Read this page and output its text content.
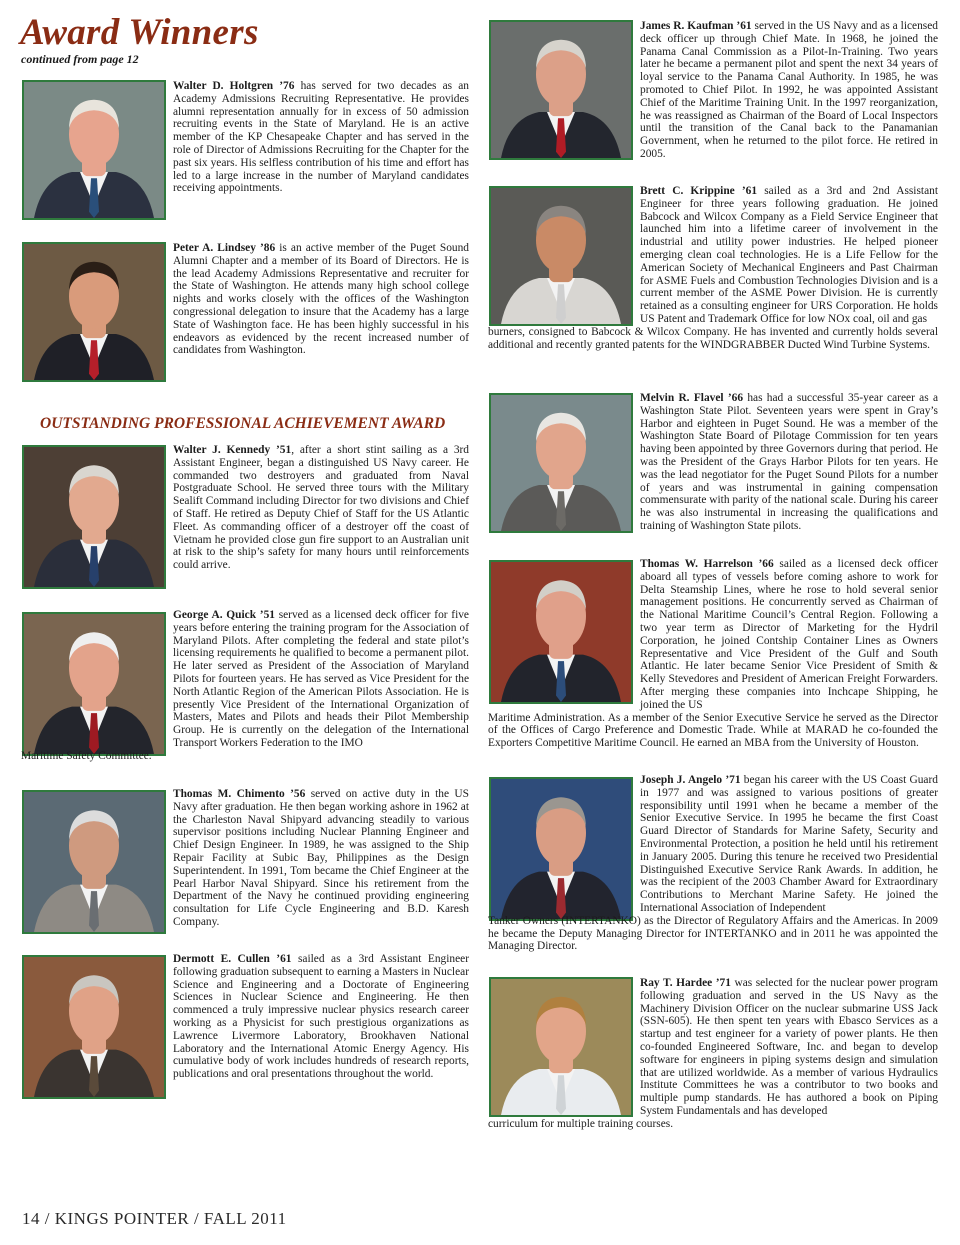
Award Winners
continued from page 12
OUTSTANDING PROFESSIONAL ACHIEVEMENT AWARD
Walter D. Holtgren ’76 has served for two decades as an Academy Admissions Recruiting Representative. He provides alumni representation annually for in excess of 50 admission recruiting events in the State of Maryland. He is an active member of the KP Chesapeake Chapter and has served in the role of Director of Admissions Recruiting for the Chapter for the past six years. His selfless contribution of his time and effort has led to a large increase in the number of Maryland candidates receiving appointments.
Peter A. Lindsey ’86 is an active member of the Puget Sound Alumni Chapter and a member of its Board of Directors. He is the lead Academy Admissions Representative and recruiter for the State of Washington. He attends many high school college nights and works closely with the offices of the Washington congressional delegation to insure that the Academy has a large State of Washington face. He has been highly successful in his endeavors as evidenced by the recent increased number of candidates from Washington.
Walter J. Kennedy ’51, after a short stint sailing as a 3rd Assistant Engineer, began a distinguished US Navy career. He commanded two destroyers and graduated from Naval Postgraduate School. He served three tours with the Military Sealift Command including Director for two divisions and Chief of Staff. He retired as Deputy Chief of Staff for the US Atlantic Fleet. As commanding officer of a destroyer off the coast of Vietnam he provided close gun fire support to an Australian unit at risk to the ship’s safety for many hours until reinforcements could arrive.
George A. Quick ’51 served as a licensed deck officer for five years before entering the training program for the Association of Maryland Pilots. After completing the federal and state pilot’s licensing requirements he qualified to become a permanent pilot. He later served as President of the Association of Maryland Pilots for fourteen years. He has served as Vice President for the North Atlantic Region of the American Pilots Association. He is presently Vice President of the International Organization of Masters, Mates and Pilots and heads their Pilot Membership Group. He is currently on the delegation of the International Transport Workers Federation to the IMO
Maritime Safety Committee.
Thomas M. Chimento ’56 served on active duty in the US Navy after graduation. He then began working ashore in 1962 at the Charleston Naval Shipyard advancing steadily to various supervisor positions including Nuclear Planning Engineer and Chief Design Engineer. In 1989, he was assigned to the Ship Repair Facility at Subic Bay, Philippines as the Design Superintendent. In 1991, Tom became the Chief Engineer at the Pearl Harbor Naval Shipyard. Since his retirement from the Department of the Navy he continued providing engineering consultation for Life Cycle Engineering and B.D. Karesh Company.
Dermott E. Cullen ’61 sailed as a 3rd Assistant Engineer following graduation subsequent to earning a Masters in Nuclear Science and Engineering and a Doctorate of Engineering Sciences in Nuclear Science and Engineering. He then commenced a truly impressive nuclear physics research career working as a Physicist for such prestigious organizations as Lawrence Livermore Laboratory, Brookhaven National Laboratory and the International Atomic Energy Agency. His cumulative body of work includes hundreds of research reports, publications and oral presentations throughout the world.
James R. Kaufman ’61 served in the US Navy and as a licensed deck officer up through Chief Mate. In 1968, he joined the Panama Canal Commission as a Pilot-In-Training. Two years later he became a permanent pilot and spent the next 34 years of loyal service to the Panama Canal Authority. In 1985, he was promoted to Chief Pilot. In 1992, he was appointed Assistant Chief of the Maritime Training Unit. In the 1997 reorganization, he was reassigned as Chairman of the Board of Local Inspectors until the transition of the Canal back to the Panamanian Government, when he returned to the pilot force. He retired in 2005.
Brett C. Krippine ’61 sailed as a 3rd and 2nd Assistant Engineer for three years following graduation. He joined Babcock and Wilcox Company as a Field Service Engineer that launched him into a lifetime career of involvement in the industrial and utility power industries. He helped pioneer emerging clean coal technologies. He is a Life Fellow for the American Society of Mechanical Engineers and Past Chairman for ASME Fuels and Combustion Technologies Division and is a current member of the ASME Power Division. He is currently retained as a consulting engineer for URS Corporation. He holds US Patent and Trademark Office for low NOx coal, oil and gas
burners, consigned to Babcock & Wilcox Company. He has invented and currently holds several additional and recently granted patents for the WINDGRABBER Ducted Wind Turbine Systems.
Melvin R. Flavel ’66 has had a successful 35-year career as a Washington State Pilot. Seventeen years were spent in Gray’s Harbor and eighteen in Puget Sound. He was a member of the Washington State Board of Pilotage Commission for ten years having been appointed by three Governors during that period. He was the President of the Grays Harbor Pilots for ten years. He was the lead negotiator for the Puget Sound Pilots for a number of years and was instrumental in gaining compensation commensurate with parity of the national scale. During his career he was also instrumental in increasing the qualifications and training of Washington State pilots.
Thomas W. Harrelson ’66 sailed as a licensed deck officer aboard all types of vessels before coming ashore to work for Delta Steamship Lines, where he rose to hold several senior management positions. He concurrently served as Chairman of the National Maritime Council’s Central Region. Following a two year term as Director of Marketing for the Hydril Corporation, he joined Contship Container Lines as Owners Representative and Vice President of the Gulf and South Atlantic. He later became Senior Vice President of Smith & Kelly Stevedores and President of American Freight Forwarders. After merging these companies into Inchcape Shipping, he joined the US
Maritime Administration. As a member of the Senior Executive Service he served as the Director of the Offices of Cargo Preference and Domestic Trade. While at MARAD he co-founded the Exporters Competitive Maritime Council. He earned an MBA from the University of Houston.
Joseph J. Angelo ’71 began his career with the US Coast Guard in 1977 and was assigned to various positions of greater responsibility until 1991 when he became a member of the Senior Executive Service. In 1995 he became the first Coast Guard Director of Standards for Marine Safety, Security and Environmental Protection, a position he held until his retirement in January 2005. During this tenure he received two Presidential Distinguished Executive Service Rank Awards. In addition, he was the recipient of the 2003 Chamber Award for Extraordinary Contributions to Merchant Marine Safety. He joined the International Association of Independent
Tanker Owners (INTERTANKO) as the Director of Regulatory Affairs and the Americas. In 2009 he became the Deputy Managing Director for INTERTANKO and in 2011 he was appointed the Managing Director.
Ray T. Hardee ’71 was selected for the nuclear power program following graduation and served in the US Navy as the Machinery Division Officer on the nuclear submarine USS Jack (SSN-605). He then spent ten years with Ebasco Services as a startup and test engineer for a variety of power plants. He then co-founded Engineered Software, Inc. and began to develop software for engineers in piping systems design and simulation that are utilized worldwide. As a member of various Hydraulics Institute Committees he was a contributor to two books and multiple pump standards. He has authored a book on Piping System Fundamentals and has developed
curriculum for multiple training courses.
14 / KINGS POINTER / FALL 2011
